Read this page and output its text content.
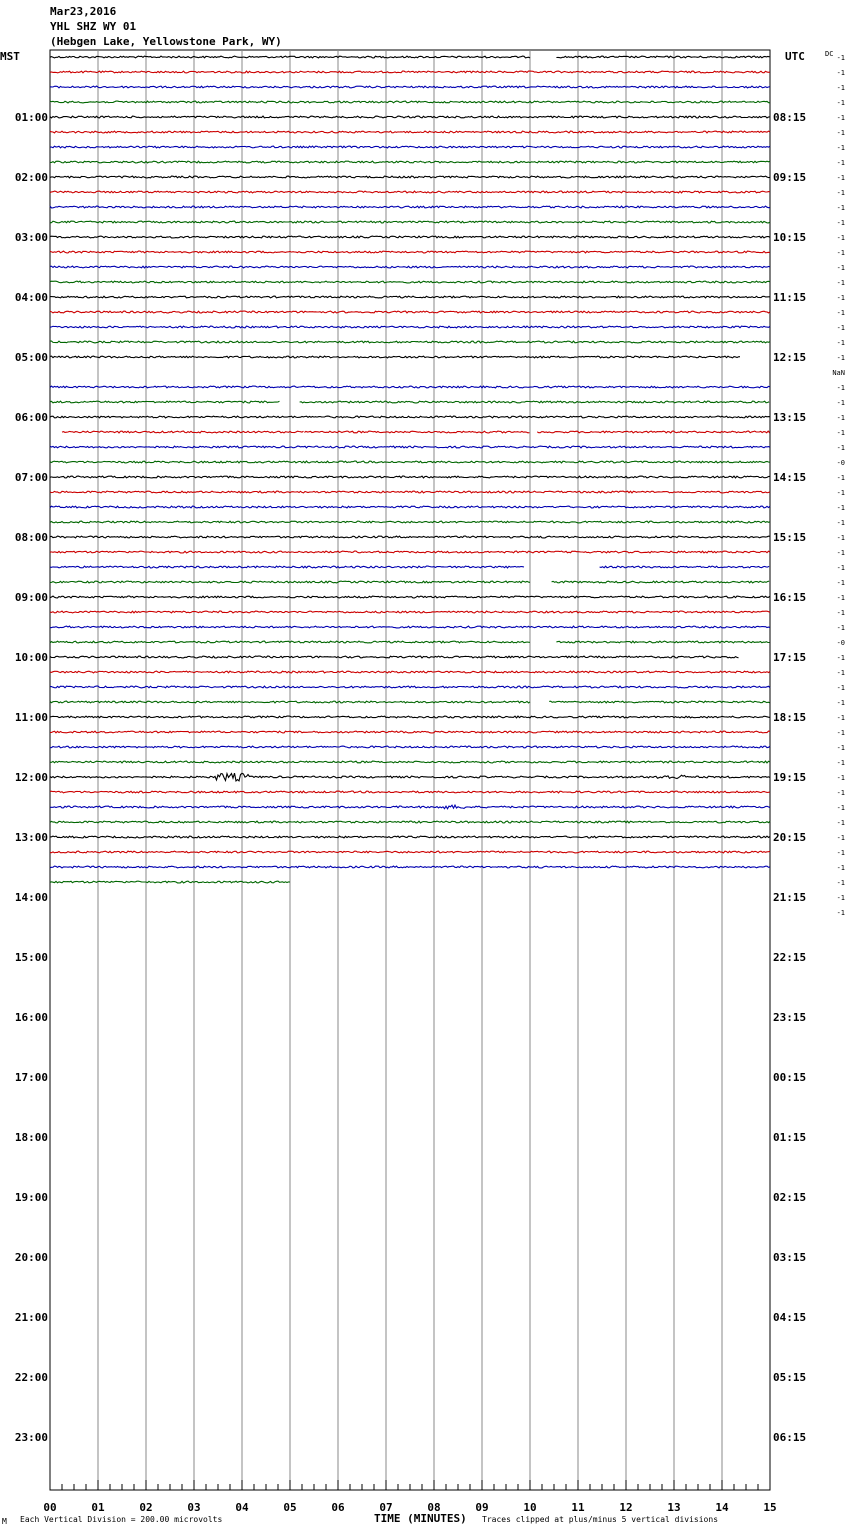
Mar23,2016
YHL SHZ WY 01
(Hebgen Lake, Yellowstone Park, WY)
MST	UTC
00	01	02	03	04	05	06	07	08	09	10	11	12	13	14	15
01:00
02:00
03:00
04:00
05:00
06:00
07:00
08:00
09:00
10:00
11:00
12:00
13:00
14:00
15:00
16:00
17:00
18:00
19:00
20:00
21:00
22:00
23:00
08:15
09:15
10:15
11:15
12:15
13:15
14:15
15:15
16:15
17:15
18:15
19:15
20:15
21:15
22:15
23:15
00:15
01:15
02:15
03:15
04:15
05:15
06:15
DC -1
-1
-1
-1
-1
-1
-1
-1
-1
-1
-1
-1
-1
-1
-1
-1
-1
-1
-1
-1
-1
NaN
-1
-1
-1
-1
-1
-0
-1
-1
-1
-1
-1
-1
-1
-1
-1
-1
-1
-0
-1
-1
-1
-1
-1
-1
-1
-1
-1
-1
-1
-1
-1
-1
-1
-1
-1
-1
M Each Vertical Division = 200.00 microvolts	TIME (MINUTES) Traces clipped at plus/minus 5 vertical divisions
